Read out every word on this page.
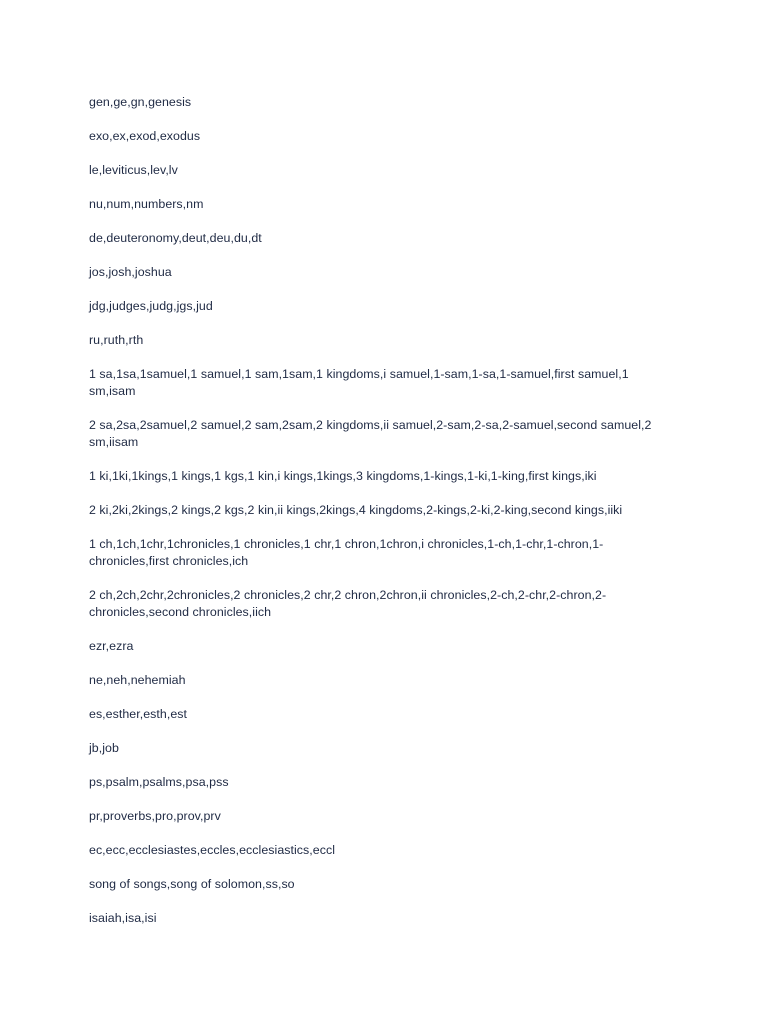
gen,ge,gn,genesis
exo,ex,exod,exodus
le,leviticus,lev,lv
nu,num,numbers,nm
de,deuteronomy,deut,deu,du,dt
jos,josh,joshua
jdg,judges,judg,jgs,jud
ru,ruth,rth
1 sa,1sa,1samuel,1 samuel,1 sam,1sam,1 kingdoms,i samuel,1-sam,1-sa,1-samuel,first samuel,1 sm,isam
2 sa,2sa,2samuel,2 samuel,2 sam,2sam,2 kingdoms,ii samuel,2-sam,2-sa,2-samuel,second samuel,2 sm,iisam
1 ki,1ki,1kings,1 kings,1 kgs,1 kin,i kings,1kings,3 kingdoms,1-kings,1-ki,1-king,first kings,iki
2 ki,2ki,2kings,2 kings,2 kgs,2 kin,ii kings,2kings,4 kingdoms,2-kings,2-ki,2-king,second kings,iiki
1 ch,1ch,1chr,1chronicles,1 chronicles,1 chr,1 chron,1chron,i chronicles,1-ch,1-chr,1-chron,1-chronicles,first chronicles,ich
2 ch,2ch,2chr,2chronicles,2 chronicles,2 chr,2 chron,2chron,ii chronicles,2-ch,2-chr,2-chron,2-chronicles,second chronicles,iich
ezr,ezra
ne,neh,nehemiah
es,esther,esth,est
jb,job
ps,psalm,psalms,psa,pss
pr,proverbs,pro,prov,prv
ec,ecc,ecclesiastes,eccles,ecclesiastics,eccl
song of songs,song of solomon,ss,so
isaiah,isa,isi
